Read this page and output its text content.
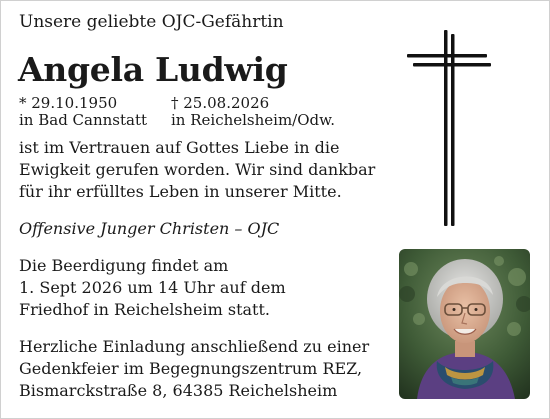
Unsere geliebte OJC-Gefährtin
Angela Ludwig
* 29.10.1950
in Bad Cannstatt
† 25.08.2026
in Reichelsheim/Odw.
ist im Vertrauen auf Gottes Liebe in die
Ewigkeit gerufen worden. Wir sind dankbar
für ihr erfülltes Leben in unserer Mitte.
Offensive Junger Christen – OJC
Die Beerdigung findet am
1. Sept 2026 um 14 Uhr auf dem
Friedhof in Reichelsheim statt.
Herzliche Einladung anschließend zu einer
Gedenkfeier im Begegnungszentrum REZ,
Bismarckstraße 8, 64385 Reichelsheim
